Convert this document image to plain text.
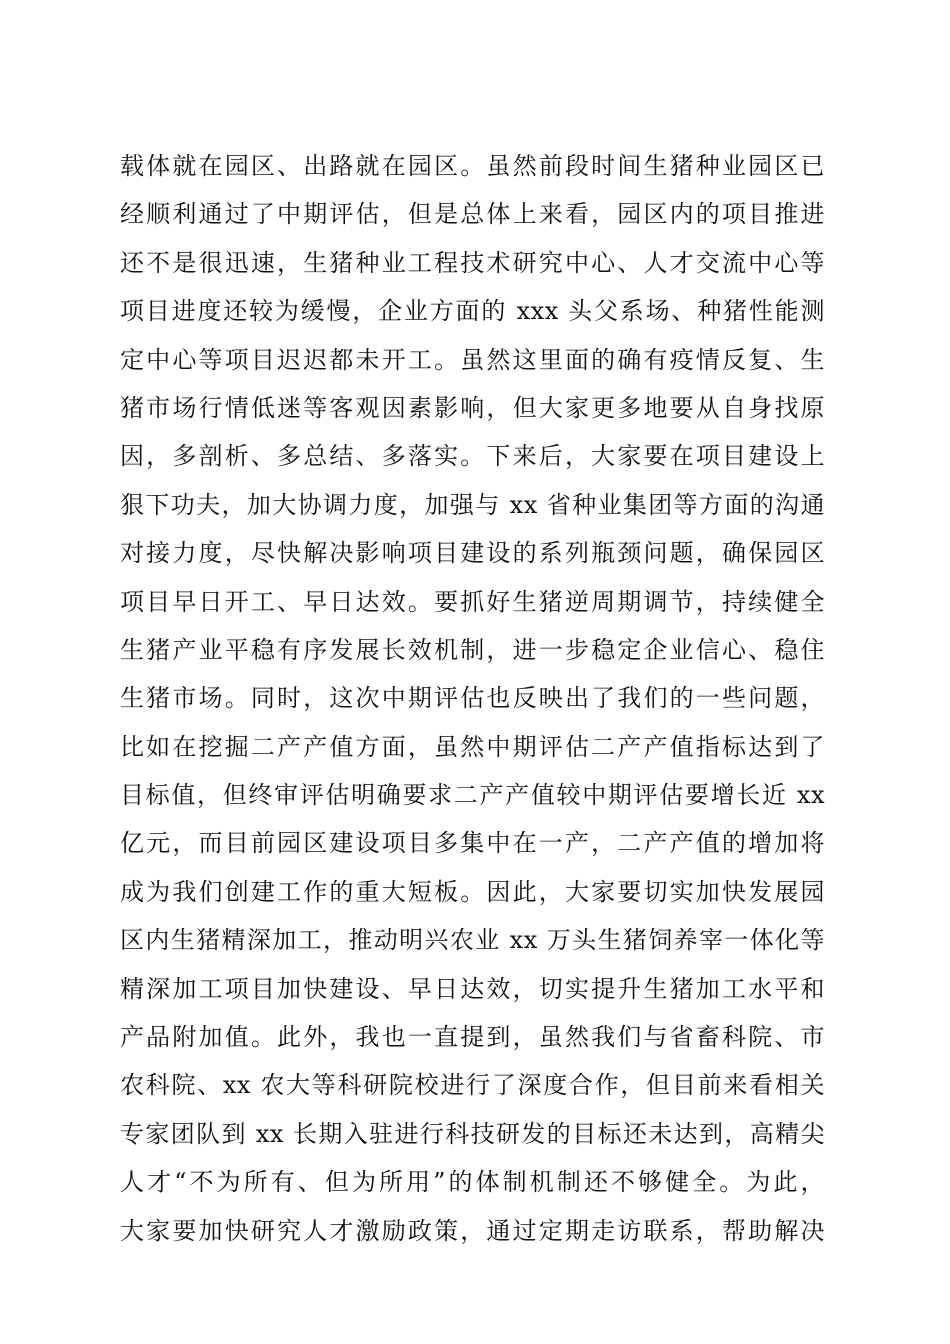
载体就在园区、出路就在园区。虽然前段时间生猪种业园区已
经顺利通过了中期评估，但是总体上来看，园区内的项目推进
还不是很迅速，生猪种业工程技术研究中心、人才交流中心等
项目进度还较为缓慢，企业方面的 xxx 头父系场、种猪性能测
定中心等项目迟迟都未开工。虽然这里面的确有疫情反复、生
猪市场行情低迷等客观因素影响，但大家更多地要从自身找原
因，多剖析、多总结、多落实。下来后，大家要在项目建设上
狠下功夫，加大协调力度，加强与 xx 省种业集团等方面的沟通
对接力度，尽快解决影响项目建设的系列瓶颈问题，确保园区
项目早日开工、早日达效。要抓好生猪逆周期调节，持续健全
生猪产业平稳有序发展长效机制，进一步稳定企业信心、稳住
生猪市场。同时，这次中期评估也反映出了我们的一些问题，
比如在挖掘二产产值方面，虽然中期评估二产产值指标达到了
目标值，但终审评估明确要求二产产值较中期评估要增长近 xx
亿元，而目前园区建设项目多集中在一产，二产产值的增加将
成为我们创建工作的重大短板。因此，大家要切实加快发展园
区内生猪精深加工，推动明兴农业 xx 万头生猪饲养宰一体化等
精深加工项目加快建设、早日达效，切实提升生猪加工水平和
产品附加值。此外，我也一直提到，虽然我们与省畜科院、市
农科院、xx 农大等科研院校进行了深度合作，但目前来看相关
专家团队到 xx 长期入驻进行科技研发的目标还未达到，高精尖
人才“不为所有、但为所用”的体制机制还不够健全。为此，
大家要加快研究人才激励政策，通过定期走访联系，帮助解决
